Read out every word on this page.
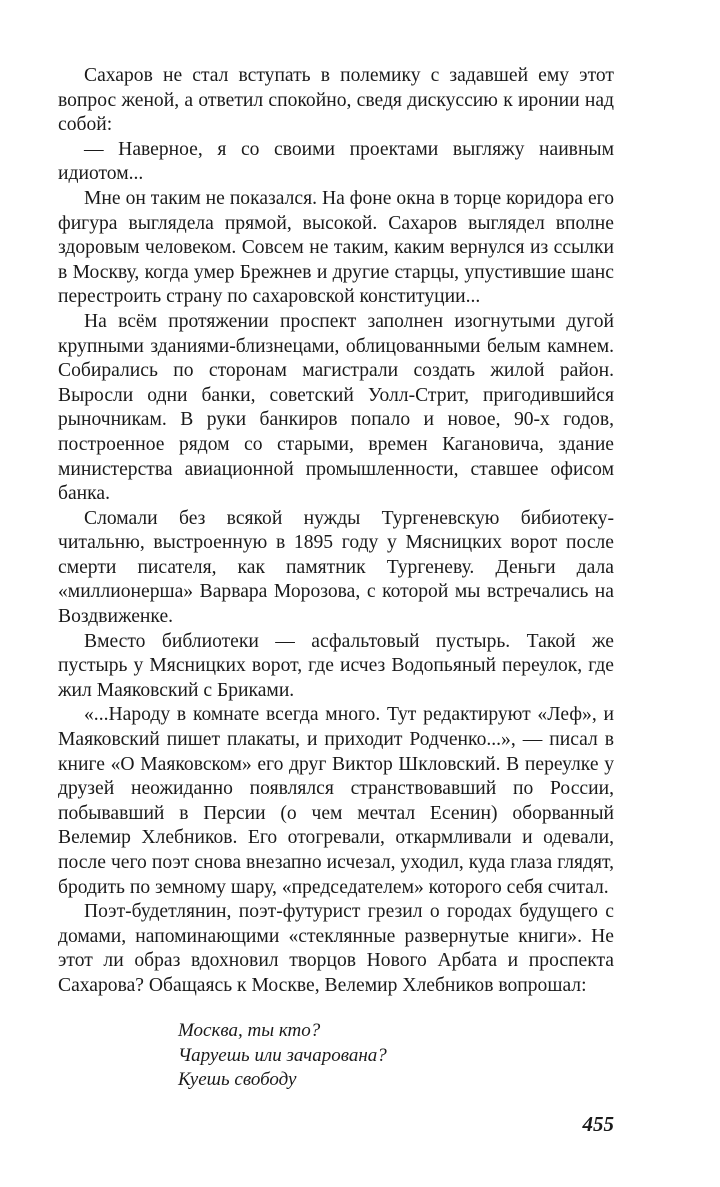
Сахаров не стал вступать в полемику с задавшей ему этот вопрос женой, а ответил спокойно, сведя дискуссию к иронии над собой:

— Наверное, я со своими проектами выгляжу наивным идиотом...

Мне он таким не показался. На фоне окна в торце коридора его фигура выглядела прямой, высокой. Сахаров выглядел вполне здоровым человеком. Совсем не таким, каким вернулся из ссылки в Москву, когда умер Брежнев и другие старцы, упустившие шанс перестроить страну по сахаровской конституции...

На всём протяжении проспект заполнен изогнутыми дугой крупными зданиями-близнецами, облицованными белым камнем. Собирались по сторонам магистрали создать жилой район. Выросли одни банки, советский Уолл-Стрит, пригодившийся рыночникам. В руки банкиров попало и новое, 90-х годов, построенное рядом со старыми, времен Кагановича, здание министерства авиационной промышленности, ставшее офисом банка.

Сломали без всякой нужды Тургеневскую бибиотеку-читальню, выстроенную в 1895 году у Мясницких ворот после смерти писателя, как памятник Тургеневу. Деньги дала «миллионерша» Варвара Морозова, с которой мы встречались на Воздвиженке.

Вместо библиотеки — асфальтовый пустырь. Такой же пустырь у Мясницких ворот, где исчез Водопьяный переулок, где жил Маяковский с Бриками.

«...Народу в комнате всегда много. Тут редактируют «Леф», и Маяковский пишет плакаты, и приходит Родченко...», — писал в книге «О Маяковском» его друг Виктор Шкловский. В переулке у друзей неожиданно появлялся странствовавший по России, побывавший в Персии (о чем мечтал Есенин) оборванный Велемир Хлебников. Его отогревали, откармливали и одевали, после чего поэт снова внезапно исчезал, уходил, куда глаза глядят, бродить по земному шару, «председателем» которого себя считал.

Поэт-будетлянин, поэт-футурист грезил о городах будущего с домами, напоминающими «стеклянные развернутые книги». Не этот ли образ вдохновил творцов Нового Арбата и проспекта Сахарова? Обащаясь к Москве, Велемир Хлебников вопрошал:

Москва, ты кто?
Чаруешь или зачарована?
Куешь свободу
455
